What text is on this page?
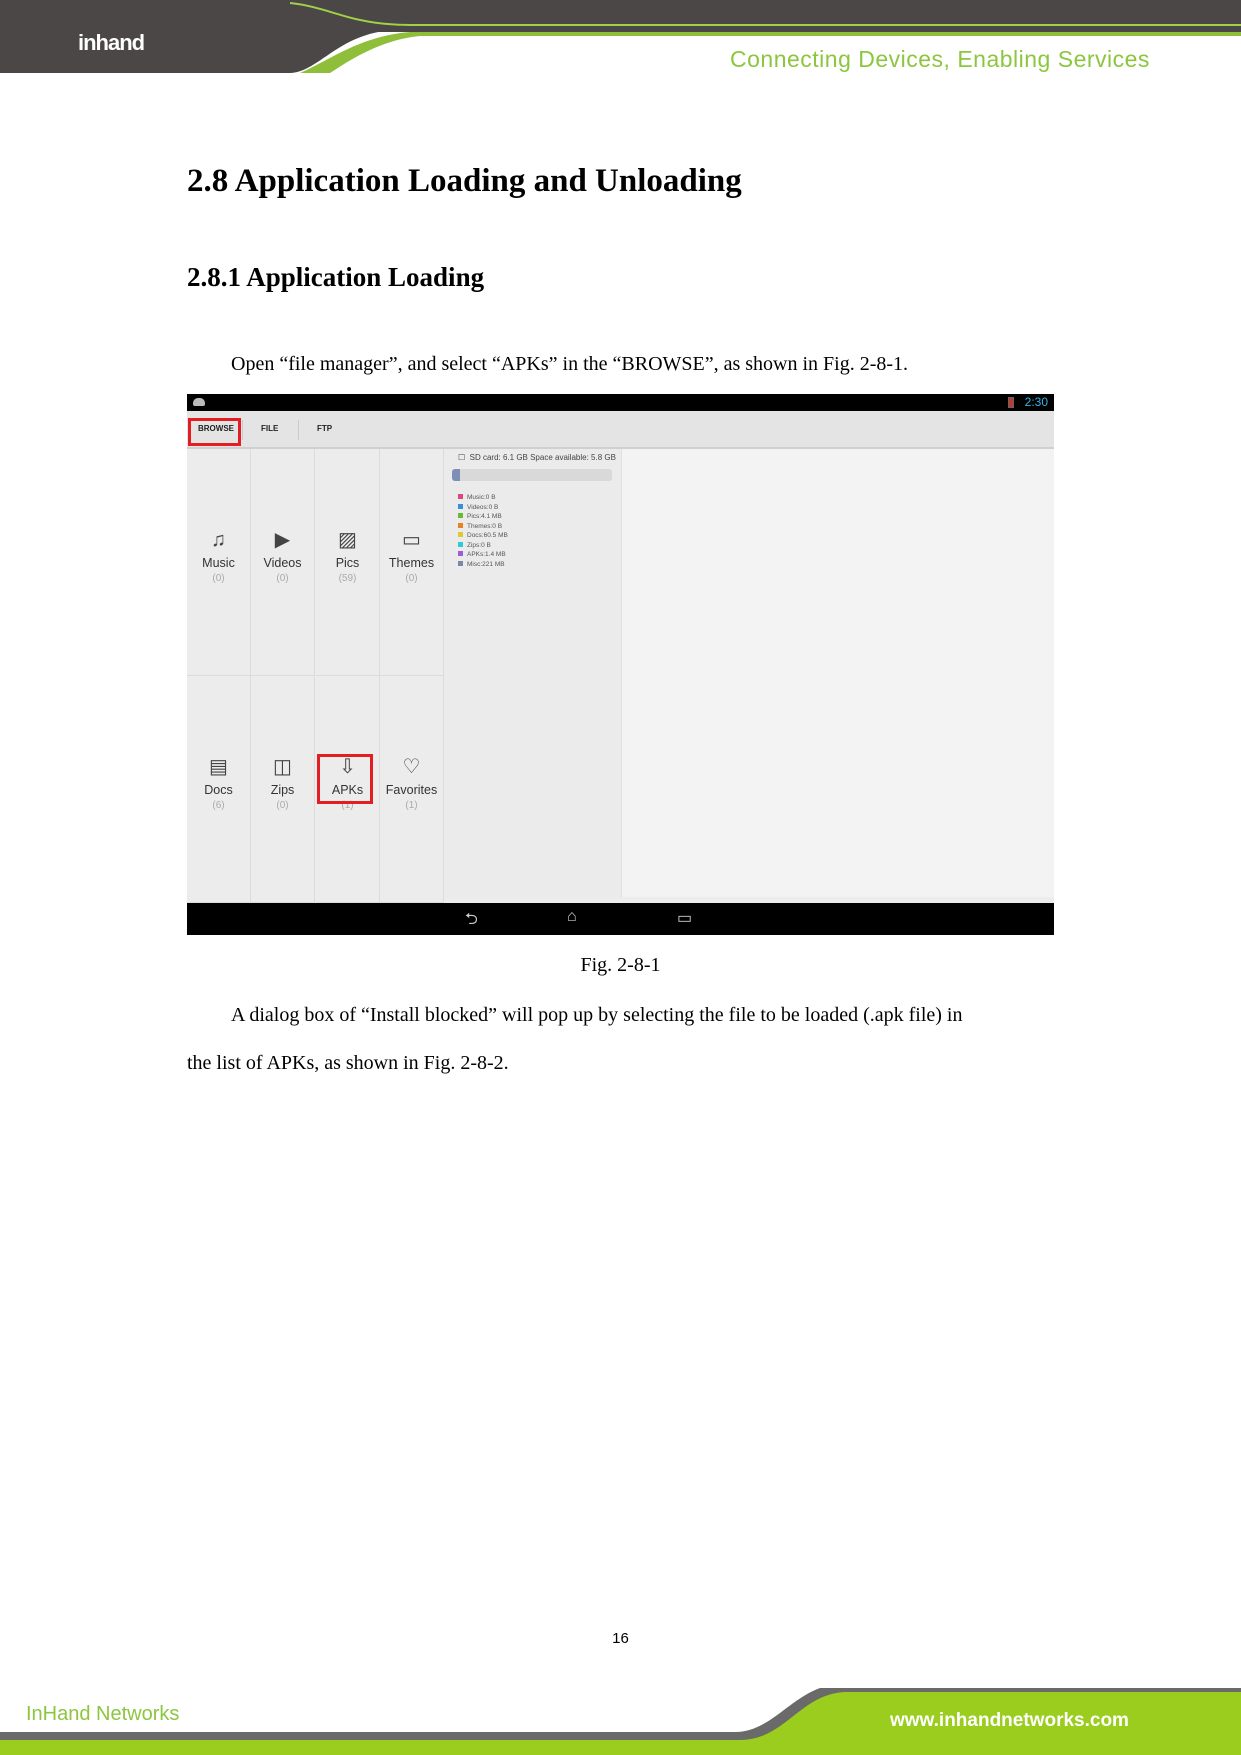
inhand
Connecting Devices, Enabling Services
2.8 Application Loading and Unloading
2.8.1 Application Loading
Open “file manager”, and select “APKs” in the “BROWSE”, as shown in Fig. 2-8-1.
2:30
BROWSE	FILE	FTP
♫
Music
(0)
▶
Videos
(0)
▨
Pics
(59)
▭
Themes
(0)
▤
Docs
(6)
◫
Zips
(0)
⇩
APKs
(1)
♡
Favorites
(1)
☐  SD card: 6.1 GB Space available: 5.8 GB
Music:0 B
Videos:0 B
Pics:4.1 MB
Themes:0 B
Docs:60.5 MB
Zips:0 B
APKs:1.4 MB
Misc:221 MB
⮌	⌂	▭
Fig. 2-8-1
A dialog box of “Install blocked” will pop up by selecting the file to be loaded (.apk file) in
the list of APKs, as shown in Fig. 2-8-2.
16
InHand Networks	www.inhandnetworks.com
